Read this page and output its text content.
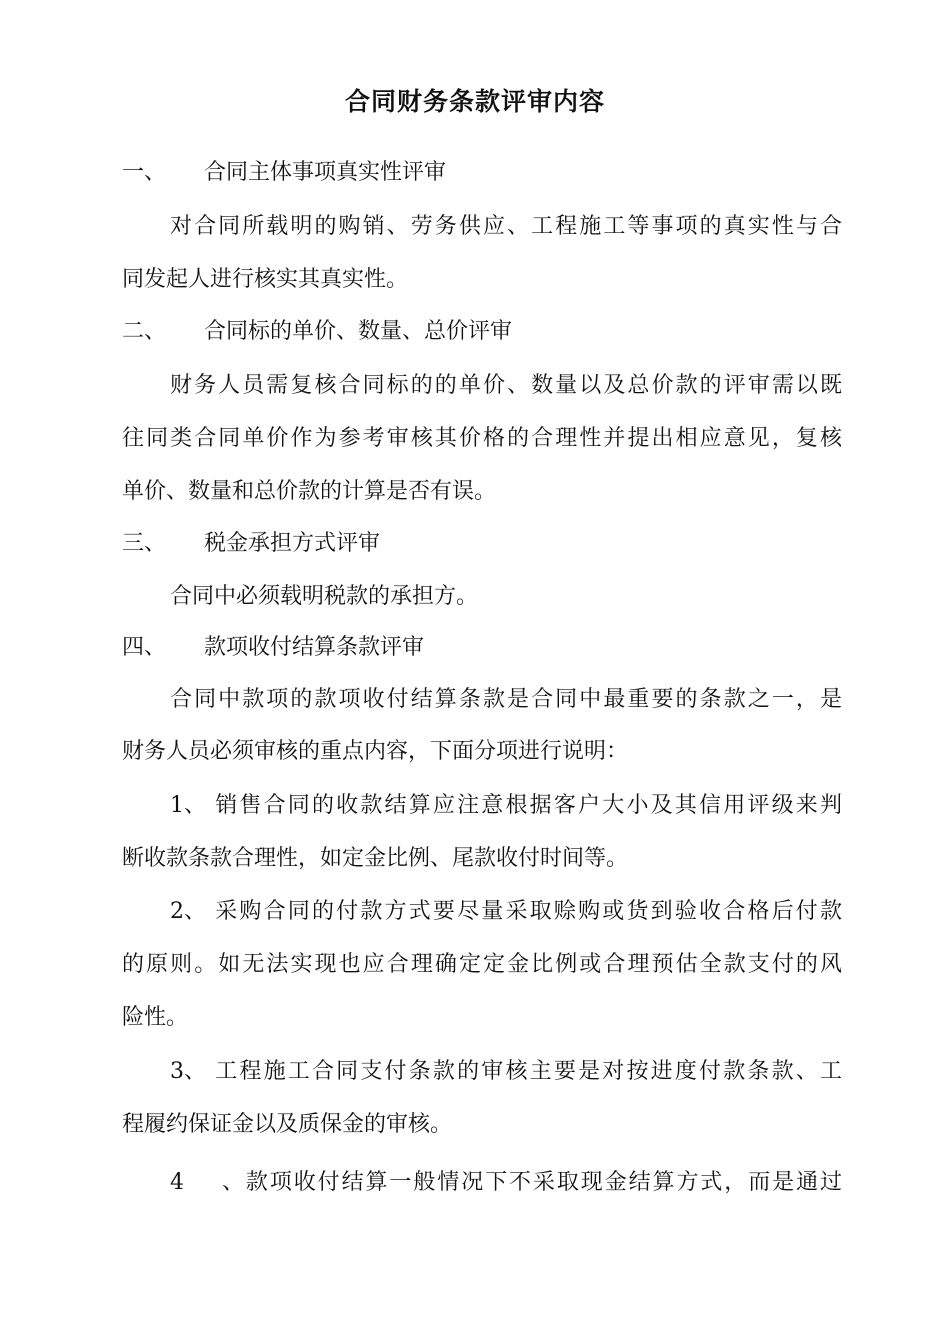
合同财务条款评审内容
一、 合同主体事项真实性评审
对合同所载明的购销、劳务供应、工程施工等事项的真实性与合
同发起人进行核实其真实性。
二、 合同标的单价、数量、总价评审
财务人员需复核合同标的的单价、数量以及总价款的评审需以既
往同类合同单价作为参考审核其价格的合理性并提出相应意见，复核
单价、数量和总价款的计算是否有误。
三、 税金承担方式评审
合同中必须载明税款的承担方。
四、 款项收付结算条款评审
合同中款项的款项收付结算条款是合同中最重要的条款之一，是
财务人员必须审核的重点内容，下面分项进行说明：
1、 销售合同的收款结算应注意根据客户大小及其信用评级来判
断收款条款合理性，如定金比例、尾款收付时间等。
2、 采购合同的付款方式要尽量采取赊购或货到验收合格后付款
的原则。如无法实现也应合理确定定金比例或合理预估全款支付的风
险性。
3、 工程施工合同支付条款的审核主要是对按进度付款条款、工
程履约保证金以及质保金的审核。
4、款项收付结算一般情况下不采取现金结算方式，而是通过
